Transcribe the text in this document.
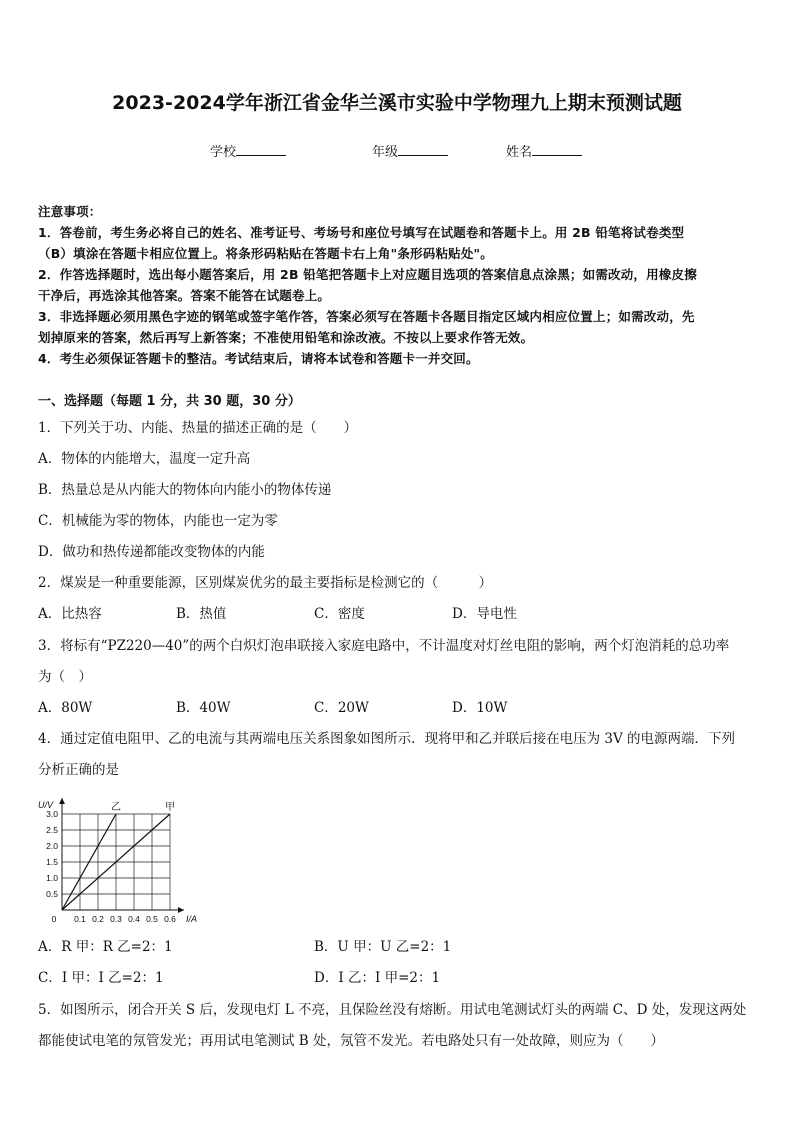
2023-2024学年浙江省金华兰溪市实验中学物理九上期末预测试题
学校	年级	姓名
注意事项：
1．答卷前，考生务必将自己的姓名、准考证号、考场号和座位号填写在试题卷和答题卡上。用 2B 铅笔将试卷类型
（B）填涂在答题卡相应位置上。将条形码粘贴在答题卡右上角"条形码粘贴处"。
2．作答选择题时，选出每小题答案后，用 2B 铅笔把答题卡上对应题目选项的答案信息点涂黑；如需改动，用橡皮擦
干净后，再选涂其他答案。答案不能答在试题卷上。
3．非选择题必须用黑色字迹的钢笔或签字笔作答，答案必须写在答题卡各题目指定区域内相应位置上；如需改动，先
划掉原来的答案，然后再写上新答案；不准使用铅笔和涂改液。不按以上要求作答无效。
4．考生必须保证答题卡的整洁。考试结束后，请将本试卷和答题卡一并交回。
一、选择题（每题 1 分，共 30 题，30 分）
1．下列关于功、内能、热量的描述正确的是（　　）
A．物体的内能增大，温度一定升高
B．热量总是从内能大的物体向内能小的物体传递
C．机械能为零的物体，内能也一定为零
D．做功和热传递都能改变物体的内能
2．煤炭是一种重要能源，区别煤炭优劣的最主要指标是检测它的（　　　）
A．比热容	B．热值	C．密度	D．导电性
3．将标有“PZ220—40”的两个白炽灯泡串联接入家庭电路中，不计温度对灯丝电阻的影响，两个灯泡消耗的总功率
为（　）
A．80W	B．40W	C．20W	D．10W
4．通过定值电阻甲、乙的电流与其两端电压关系图象如图所示．现将甲和乙并联后接在电压为 3V 的电源两端．下列
分析正确的是
0 0.1 0.2 0.3 0.4 0.5 0.6
0.5
1.0
1.5
2.0
2.5
3.0
I/A
U/V	乙	甲
A．R 甲：R 乙=2：1	B．U 甲：U 乙=2：1
C．I 甲：I 乙=2：1	D．I 乙：I 甲=2：1
5．如图所示，闭合开关 S 后，发现电灯 L 不亮，且保险丝没有熔断。用试电笔测试灯头的两端 C、D 处，发现这两处
都能使试电笔的氖管发光；再用试电笔测试 B 处，氖管不发光。若电路处只有一处故障，则应为（　　）
